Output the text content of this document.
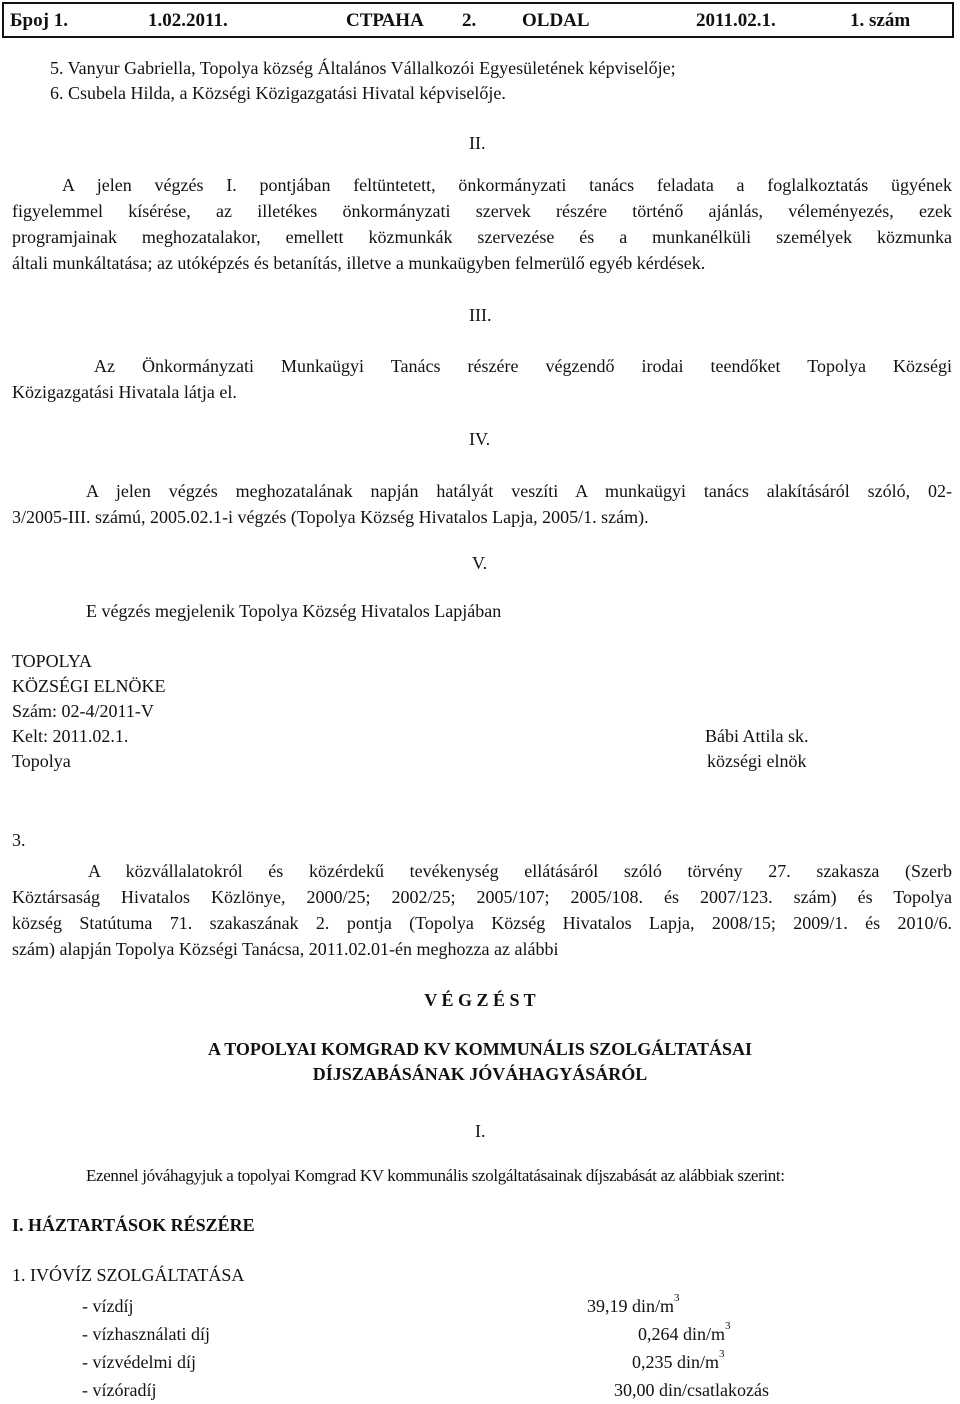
Број 1.	1.02.2011.	СТРАНА 2. OLDAL	2011.02.1.	1. szám
5. Vanyur Gabriella, Topolya község Általános Vállalkozói Egyesületének képviselője;
6. Csubela Hilda, a Községi Közigazgatási Hivatal képviselője.
II.
A jelen végzés I. pontjában feltüntetett, önkormányzati tanács feladata a foglalkoztatás ügyének
figyelemmel kísérése, az illetékes önkormányzati szervek részére történő ajánlás, véleményezés, ezek
programjainak meghozatalakor, emellett közmunkák szervezése és a munkanélküli személyek közmunka
általi munkáltatása; az utóképzés és betanítás, illetve a munkaügyben felmerülő egyéb kérdések.
III.
Az Önkormányzati Munkaügyi Tanács részére végzendő irodai teendőket Topolya Községi
Közigazgatási Hivatala látja el.
IV.
A jelen végzés meghozatalának napján hatályát veszíti A munkaügyi tanács alakításáról szóló, 02-
3/2005-III. számú, 2005.02.1-i végzés (Topolya Község Hivatalos Lapja, 2005/1. szám).
V.
E végzés megjelenik Topolya Község Hivatalos Lapjában
TOPOLYA
KÖZSÉGI ELNÖKE
Szám: 02-4/2011-V
Kelt: 2011.02.1.
Topolya
Bábi Attila sk.
községi elnök
3.
A közvállalatokról és közérdekű tevékenység ellátásáról szóló törvény 27. szakasza (Szerb
Köztársaság Hivatalos Közlönye, 2000/25; 2002/25; 2005/107; 2005/108. és 2007/123. szám) és Topolya
község Statútuma 71. szakaszának 2. pontja (Topolya Község Hivatalos Lapja, 2008/15; 2009/1. és 2010/6.
szám) alapján Topolya Községi Tanácsa, 2011.02.01-én meghozza az alábbi
V É G Z É S T
A TOPOLYAI KOMGRAD KV KOMMUNÁLIS SZOLGÁLTATÁSAI
DÍJSZABÁSÁNAK JÓVÁHAGYÁSÁRÓL
I.
Ezennel jóváhagyjuk a topolyai Komgrad KV kommunális szolgáltatásainak díjszabását az alábbiak szerint:
I. HÁZTARTÁSOK RÉSZÉRE
1. IVÓVÍZ SZOLGÁLTATÁSA
- vízdíj	39,19 din/$m^3$
- vízhasználati díj	0,264 din/$m^3$
- vízvédelmi díj	0,235 din/$m^3$
- vízóradíj	30,00 din/csatlakozás
